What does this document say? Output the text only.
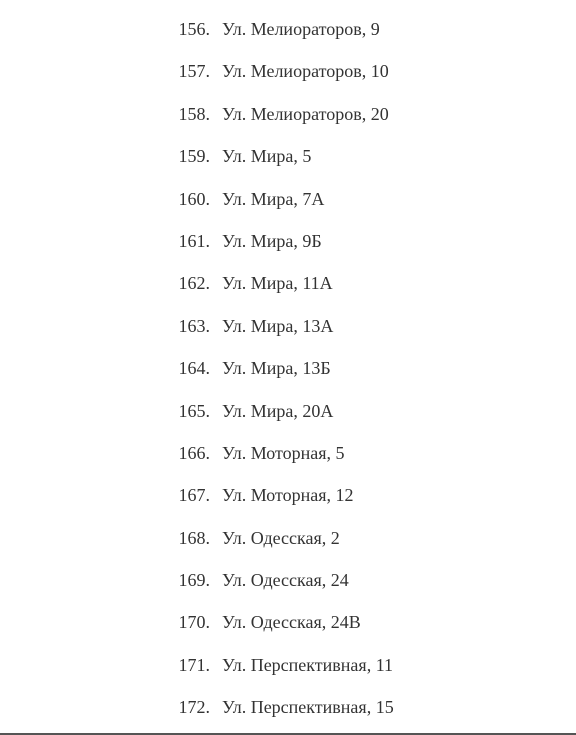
156. Ул. Мелиораторов, 9
157. Ул. Мелиораторов, 10
158. Ул. Мелиораторов, 20
159. Ул. Мира, 5
160. Ул. Мира, 7А
161. Ул. Мира, 9Б
162. Ул. Мира, 11А
163. Ул. Мира, 13А
164. Ул. Мира, 13Б
165. Ул. Мира, 20А
166. Ул. Моторная, 5
167. Ул. Моторная, 12
168. Ул. Одесская, 2
169. Ул. Одесская, 24
170. Ул. Одесская, 24В
171. Ул. Перспективная, 11
172. Ул. Перспективная, 15
